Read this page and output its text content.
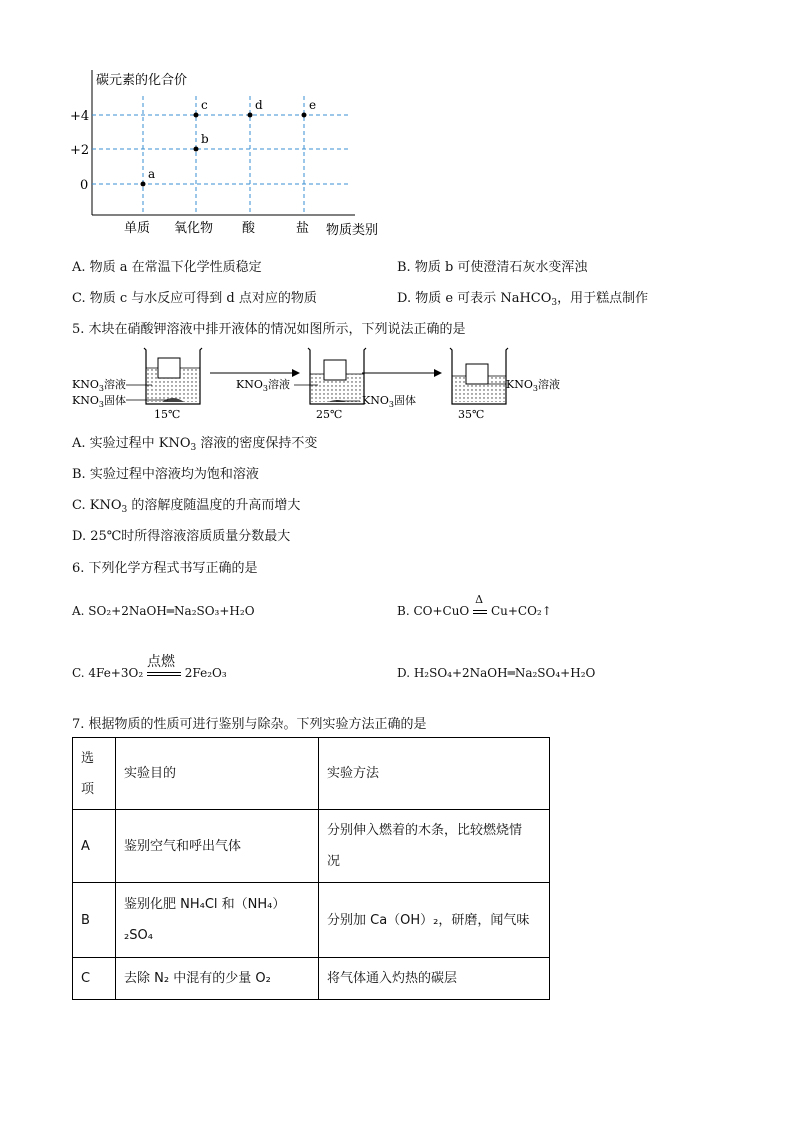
碳元素的化合价
+4
+2
0
单质 氧化物 酸	盐 物质类别
a
b
c	d	e
A. 物质 a 在常温下化学性质稳定	B. 物质 b 可使澄清石灰水变浑浊
C. 物质 c 与水反应可得到 d 点对应的物质	D. 物质 e 可表示 NaHCO$_3$，用于糕点制作
5. 木块在硝酸钾溶液中排开液体的情况如图所示，下列说法正确的是
$KNO_3$溶液
$KNO_3$固体
15℃
$KNO_3$溶液
$KNO_3$固体
25℃
$KNO_3$溶液
35℃
A. 实验过程中 $KNO_3$ 溶液的密度保持不变
B. 实验过程中溶液均为饱和溶液
C. $KNO_3$ 的溶解度随温度的升高而增大
D. 25℃时所得溶液溶质质量分数最大
6. 下列化学方程式书写正确的是
A. SO₂+2NaOH═Na₂SO₃+H₂O	B. CO+CuO
Δ
Cu+CO₂↑
C. 4Fe+3O₂
点燃
2Fe₂O₃	D. H₂SO₄+2NaOH═Na₂SO₄+H₂O
7. 根据物质的性质可进行鉴别与除杂。下列实验方法正确的是
选
项	实验目的	实验方法
A	鉴别空气和呼出气体	分别伸入燃着的木条，比较燃烧情
况

B	鉴别化肥 NH₄Cl 和（NH₄）
₂SO₄	分别加 Ca（OH）₂，研磨，闻气味
C	去除 N₂ 中混有的少量 O₂	将气体通入灼热的碳层
